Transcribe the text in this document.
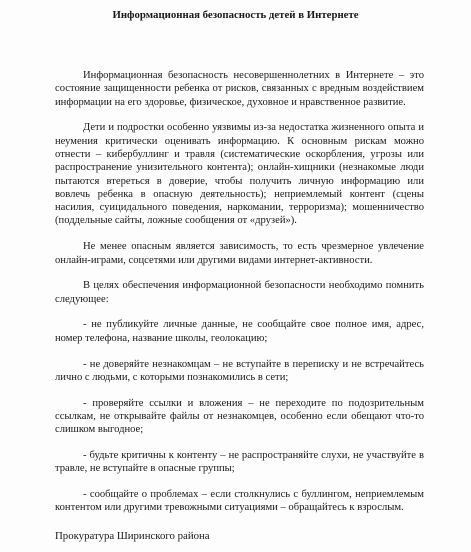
Информационная безопасность детей в Интернете

Информационная безопасность несовершеннолетних в Интернете – это состояние защищенности ребенка от рисков, связанных с вредным воздействием информации на его здоровье, физическое, духовное и нравственное развитие.

Дети и подростки особенно уязвимы из-за недостатка жизненного опыта и неумения критически оценивать информацию. К основным рискам можно отнести – кибербуллинг и травля (систематические оскорбления, угрозы или распространение унизительного контента); онлайн-хищники (незнакомые люди пытаются втереться в доверие, чтобы получить личную информацию или вовлечь ребенка в опасную деятельность); неприемлемый контент (сцены насилия, суицидального поведения, наркомании, терроризма); мошенничество (поддельные сайты, ложные сообщения от «друзей»).

Не менее опасным является зависимость, то есть чрезмерное увлечение онлайн-играми, соцсетями или другими видами интернет-активности.

В целях обеспечения информационной безопасности необходимо помнить следующее:

- не публикуйте личные данные, не сообщайте свое полное имя, адрес, номер телефона, название школы, геолокацию;

- не доверяйте незнакомцам – не вступайте в переписку и не встречайтесь лично с людьми, с которыми познакомились в сети;

- проверяйте ссылки и вложения – не переходите по подозрительным ссылкам, не открывайте файлы от незнакомцев, особенно если обещают что-то слишком выгодное;

- будьте критичны к контенту – не распространяйте слухи, не участвуйте в травле, не вступайте в опасные группы;

- сообщайте о проблемах – если столкнулись с буллингом, неприемлемым контентом или другими тревожными ситуациями – обращайтесь к взрослым.

Прокуратура Ширинского района
